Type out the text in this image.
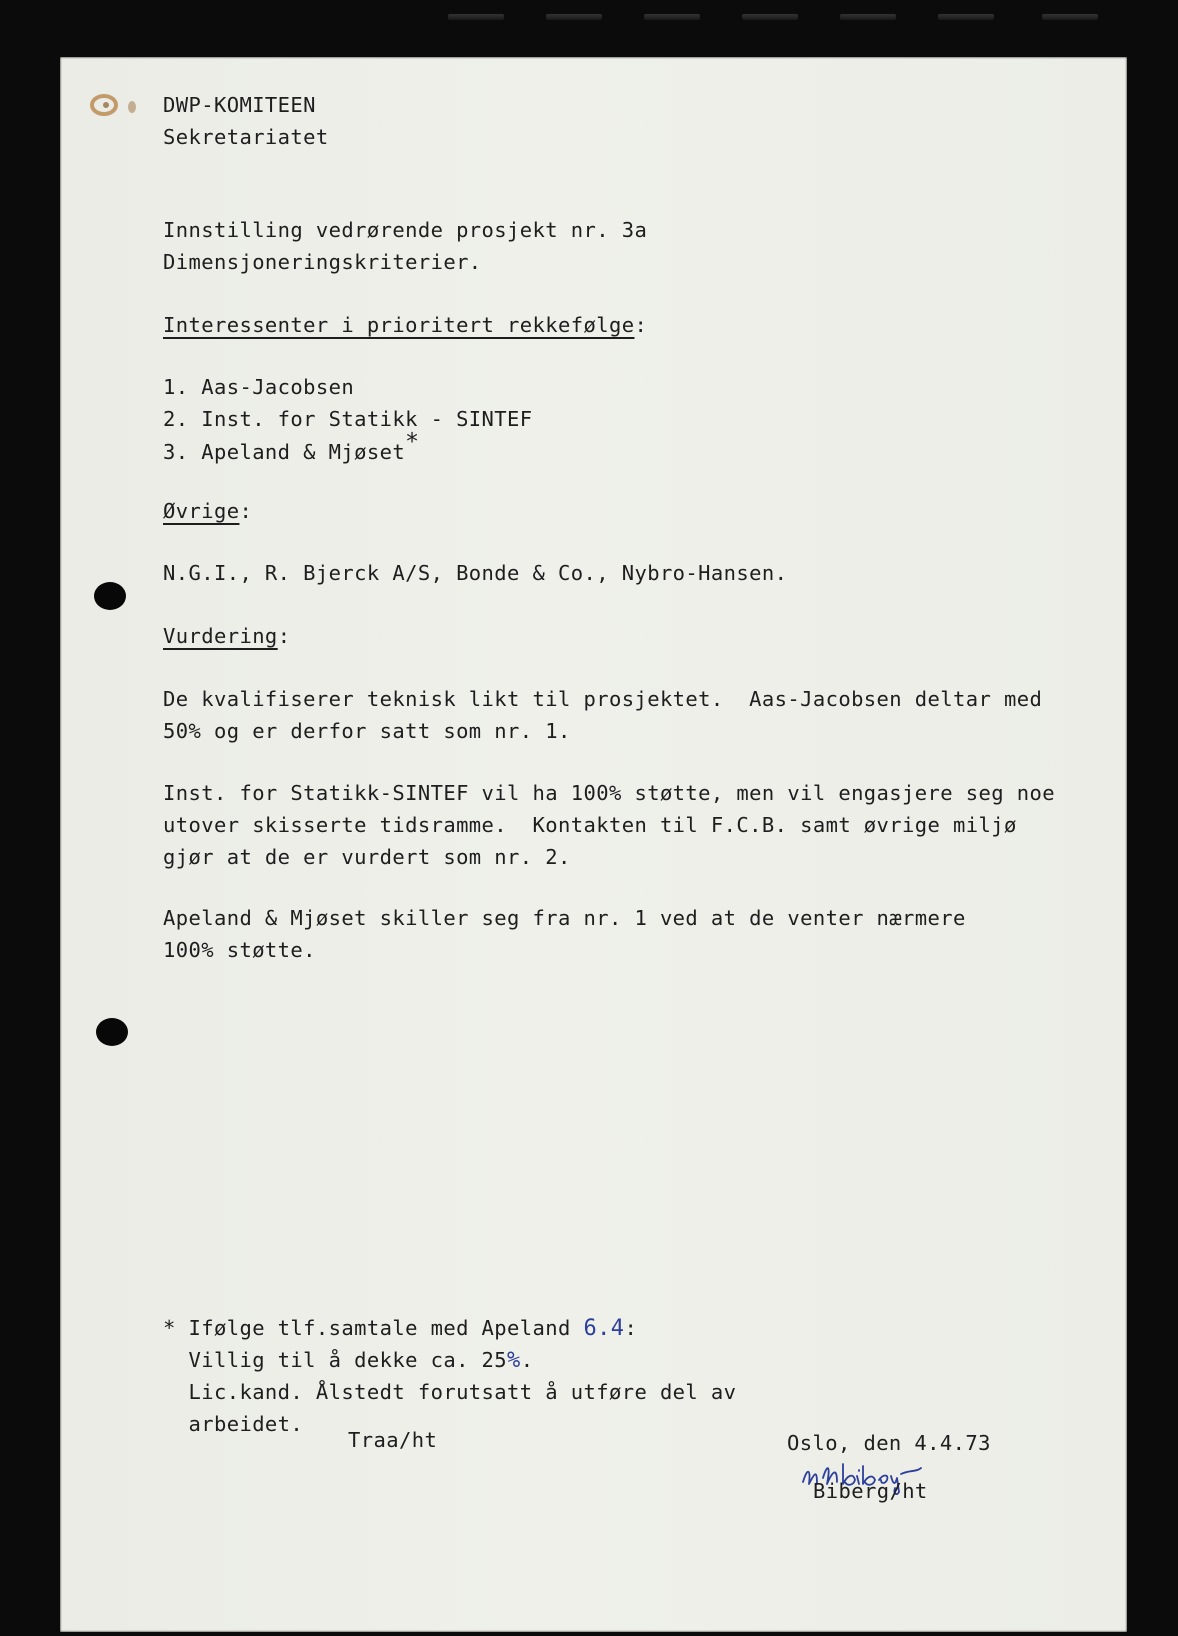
DWP-KOMITEEN

Sekretariatet

Innstilling vedrørende prosjekt nr. 3a

Dimensjoneringskriterier.

Interessenter i prioritert rekkefølge:

1. Aas-Jacobsen

2. Inst. for Statikk - SINTEF

3. Apeland & Mjøset*

Øvrige:

N.G.I., R. Bjerck A/S, Bonde & Co., Nybro-Hansen.

Vurdering:

De kvalifiserer teknisk likt til prosjektet.  Aas-Jacobsen deltar med

50% og er derfor satt som nr. 1.

Inst. for Statikk-SINTEF vil ha 100% støtte, men vil engasjere seg noe

utover skisserte tidsramme.  Kontakten til F.C.B. samt øvrige miljø

gjør at de er vurdert som nr. 2.

Apeland & Mjøset skiller seg fra nr. 1 ved at de venter nærmere

100% støtte.

* Ifølge tlf.samtale med Apeland 6.4:

Villig til å dekke ca. 25%.

Lic.kand. Ålstedt forutsatt å utføre del av

arbeidet.

Traa/ht	Oslo, den 4.4.73

Biberg/ht
